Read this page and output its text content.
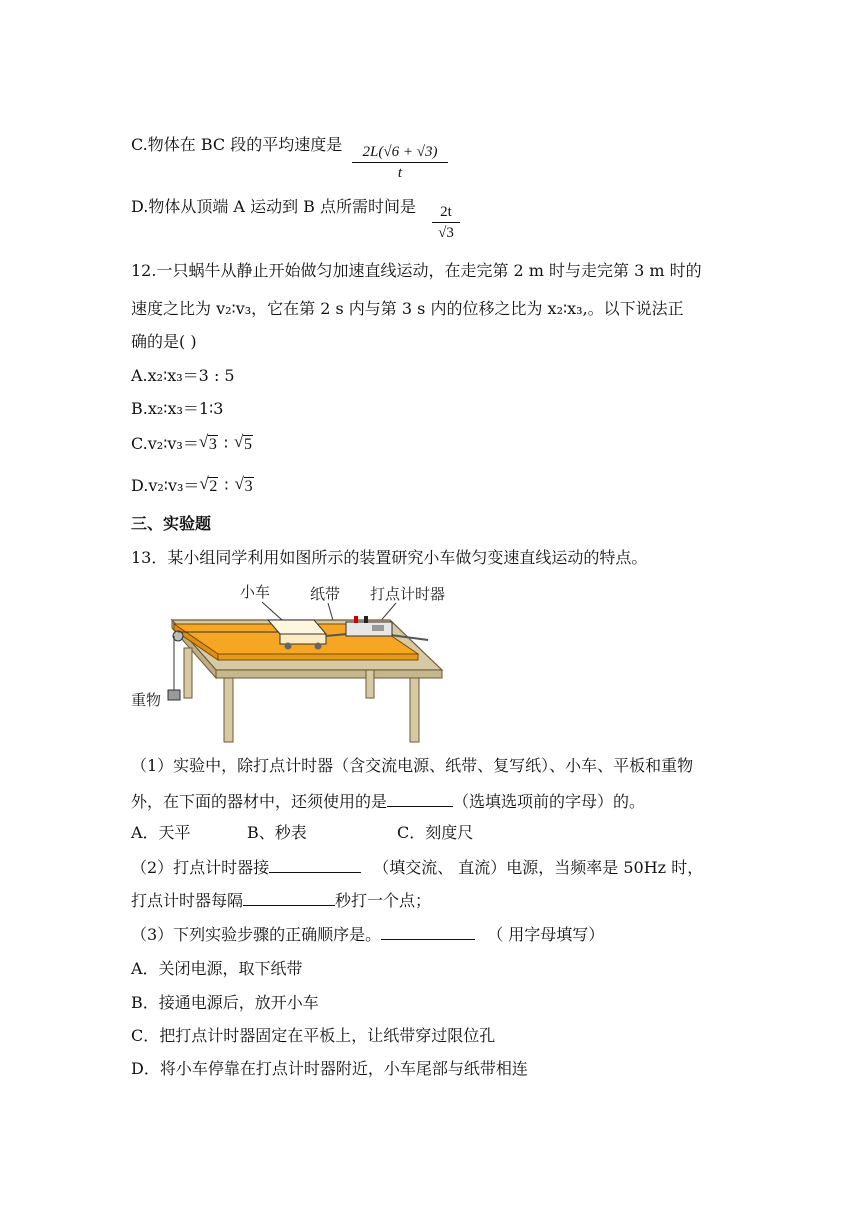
C.物体在 BC 段的平均速度是	2L(√6 + √3)
t
D.物体从顶端 A 运动到 B 点所需时间是	2t
√3
12.一只蜗牛从静止开始做匀加速直线运动，在走完第 2 m 时与走完第 3 m 时的
速度之比为 v₂∶v₃，它在第 2 s 内与第 3 s 内的位移之比为 x₂∶x₃,。以下说法正
确的是( )
A.x₂∶x₃＝3 : 5
B.x₂∶x₃＝1∶3
C.v₂∶v₃＝ √ 3 ∶ √ 5
D.v₂∶v₃＝ √ 2 ∶ √ 3
三、实验题
13．某小组同学利用如图所示的装置研究小车做匀变速直线运动的特点。
小车	纸带 打点计时器
重物
（1）实验中，除打点计时器（含交流电源、纸带、复写纸）、小车、平板和重物
外，在下面的器材中，还须使用的是	（选填选项前的字母）的。
A．天平	B、秒表	C．刻度尺
（2）打点计时器接	（填交流、 直流）电源，当频率是 50Hz 时，
打点计时器每隔	秒打一个点；
（3）下列实验步骤的正确顺序是。	（ 用字母填写）
A．关闭电源，取下纸带
B．接通电源后，放开小车
C．把打点计时器固定在平板上，让纸带穿过限位孔
D．将小车停靠在打点计时器附近，小车尾部与纸带相连
